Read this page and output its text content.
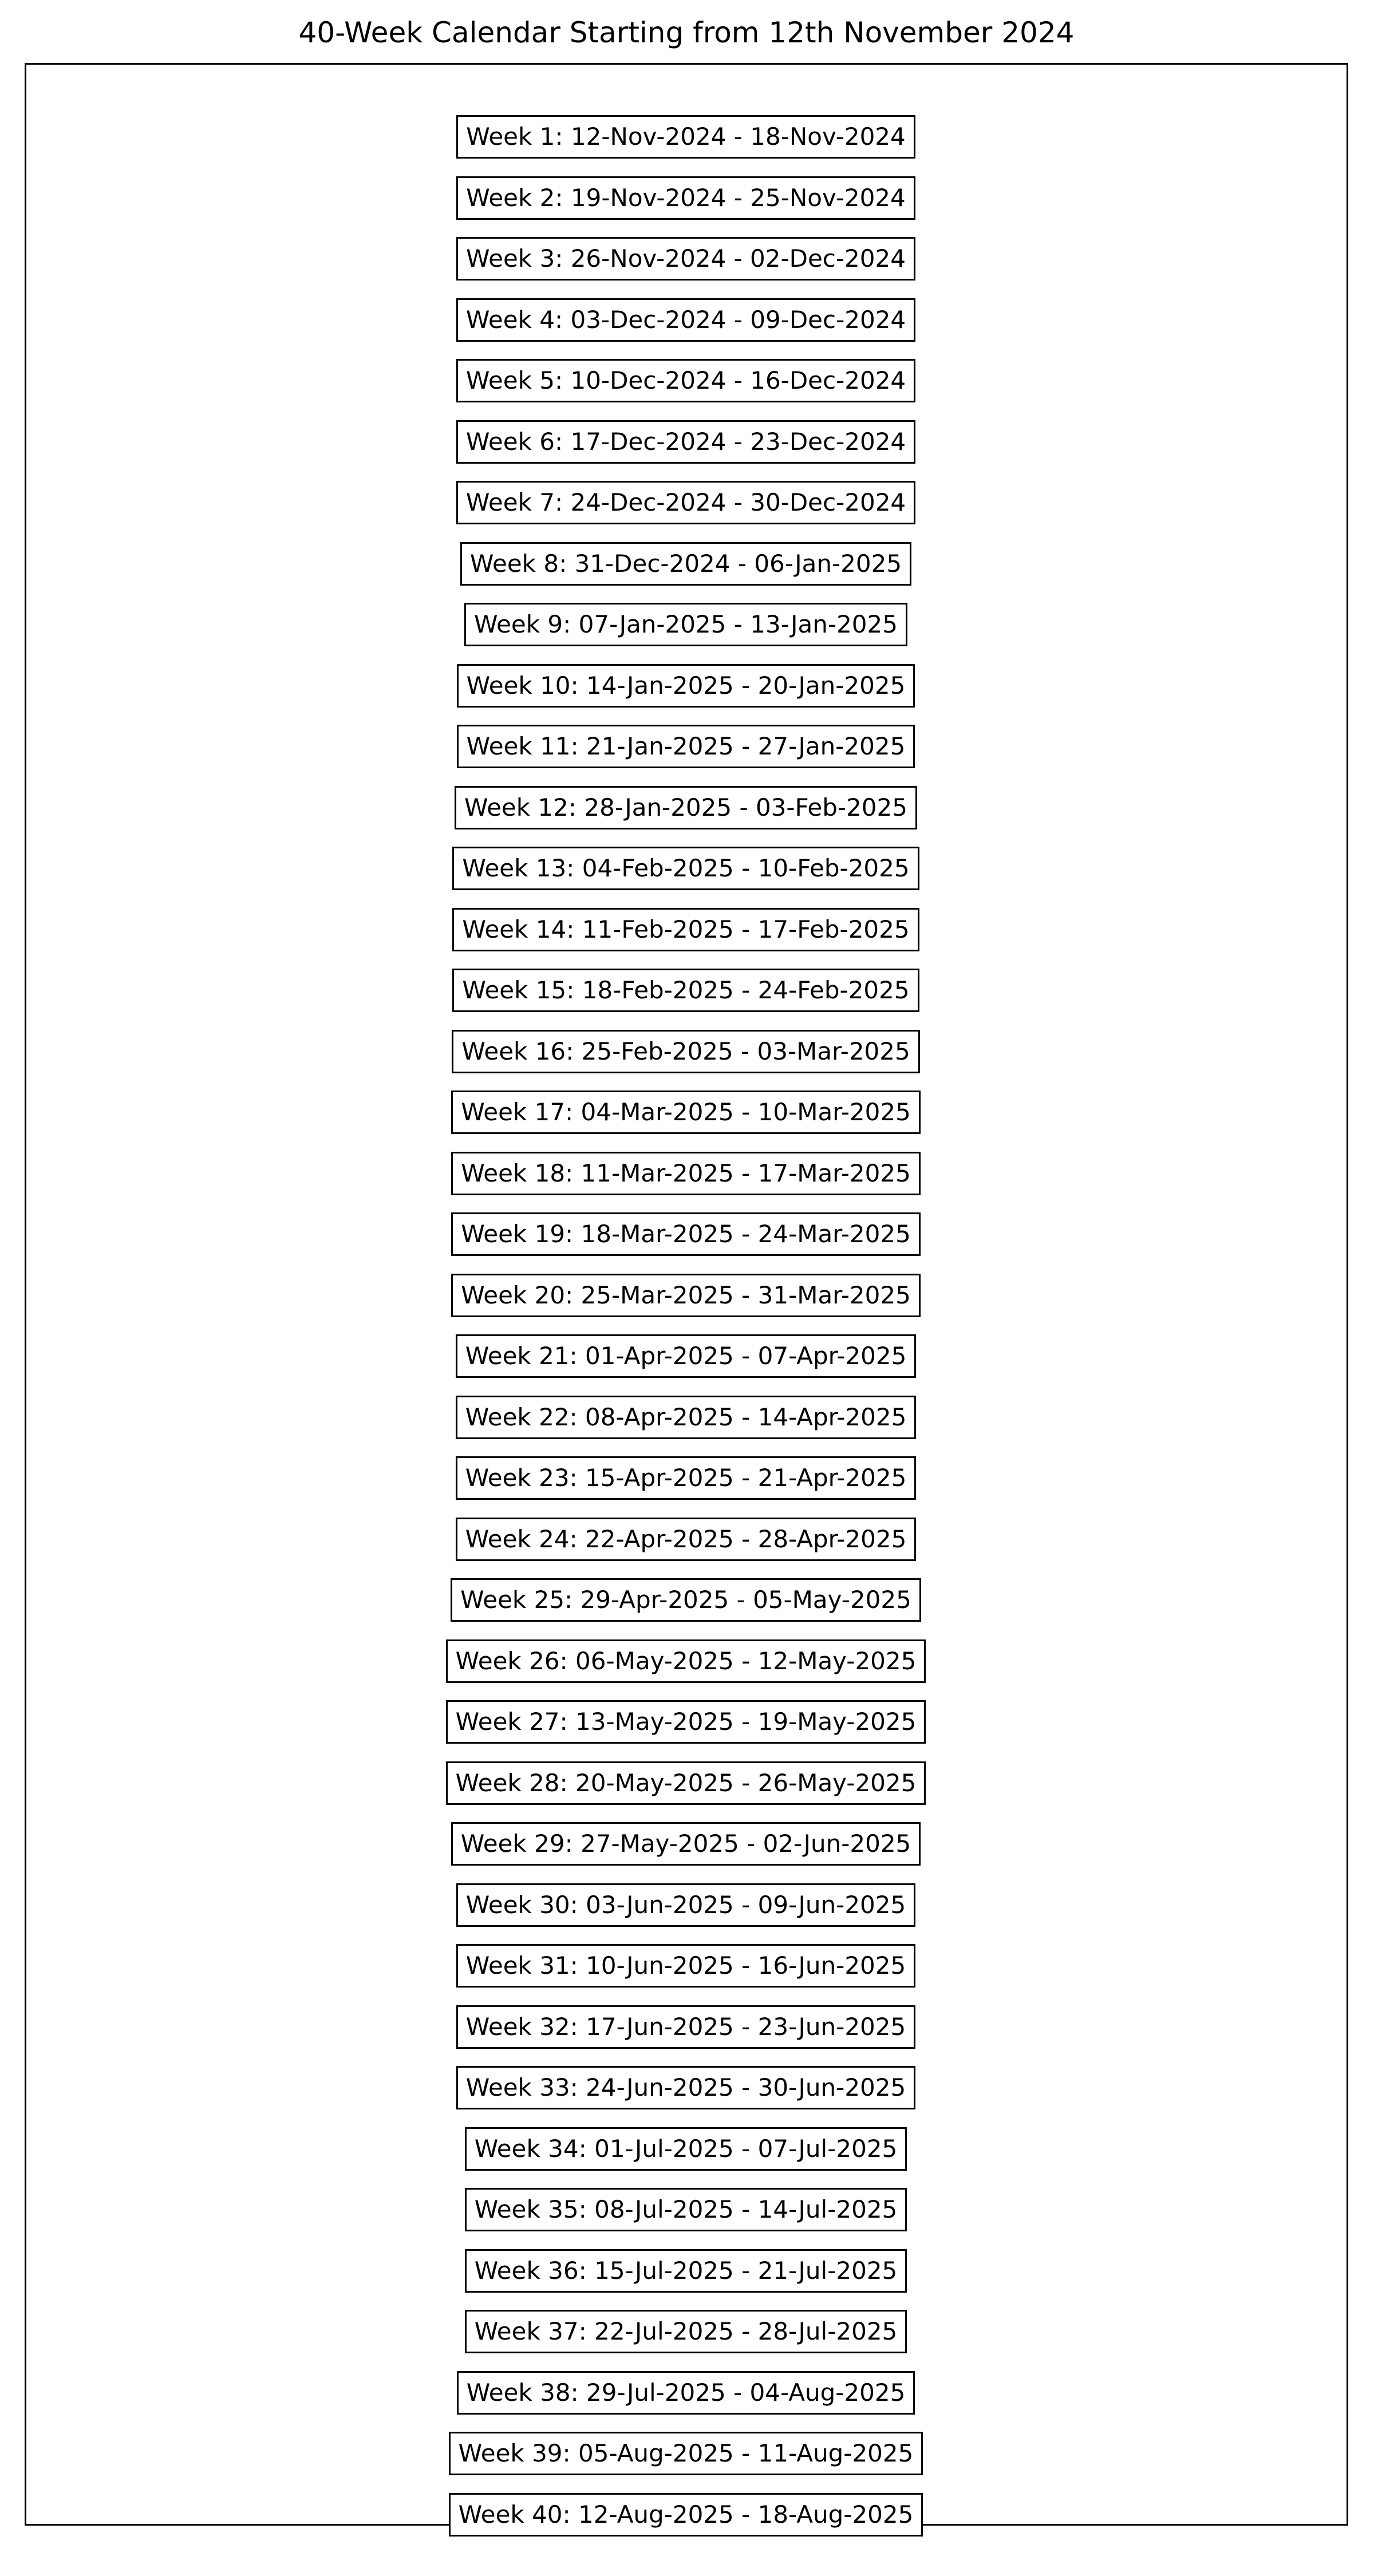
40-Week Calendar Starting from 12th November 2024
Week 1: 12-Nov-2024 - 18-Nov-2024
Week 2: 19-Nov-2024 - 25-Nov-2024
Week 3: 26-Nov-2024 - 02-Dec-2024
Week 4: 03-Dec-2024 - 09-Dec-2024
Week 5: 10-Dec-2024 - 16-Dec-2024
Week 6: 17-Dec-2024 - 23-Dec-2024
Week 7: 24-Dec-2024 - 30-Dec-2024
Week 8: 31-Dec-2024 - 06-Jan-2025
Week 9: 07-Jan-2025 - 13-Jan-2025
Week 10: 14-Jan-2025 - 20-Jan-2025
Week 11: 21-Jan-2025 - 27-Jan-2025
Week 12: 28-Jan-2025 - 03-Feb-2025
Week 13: 04-Feb-2025 - 10-Feb-2025
Week 14: 11-Feb-2025 - 17-Feb-2025
Week 15: 18-Feb-2025 - 24-Feb-2025
Week 16: 25-Feb-2025 - 03-Mar-2025
Week 17: 04-Mar-2025 - 10-Mar-2025
Week 18: 11-Mar-2025 - 17-Mar-2025
Week 19: 18-Mar-2025 - 24-Mar-2025
Week 20: 25-Mar-2025 - 31-Mar-2025
Week 21: 01-Apr-2025 - 07-Apr-2025
Week 22: 08-Apr-2025 - 14-Apr-2025
Week 23: 15-Apr-2025 - 21-Apr-2025
Week 24: 22-Apr-2025 - 28-Apr-2025
Week 25: 29-Apr-2025 - 05-May-2025
Week 26: 06-May-2025 - 12-May-2025
Week 27: 13-May-2025 - 19-May-2025
Week 28: 20-May-2025 - 26-May-2025
Week 29: 27-May-2025 - 02-Jun-2025
Week 30: 03-Jun-2025 - 09-Jun-2025
Week 31: 10-Jun-2025 - 16-Jun-2025
Week 32: 17-Jun-2025 - 23-Jun-2025
Week 33: 24-Jun-2025 - 30-Jun-2025
Week 34: 01-Jul-2025 - 07-Jul-2025
Week 35: 08-Jul-2025 - 14-Jul-2025
Week 36: 15-Jul-2025 - 21-Jul-2025
Week 37: 22-Jul-2025 - 28-Jul-2025
Week 38: 29-Jul-2025 - 04-Aug-2025
Week 39: 05-Aug-2025 - 11-Aug-2025
Week 40: 12-Aug-2025 - 18-Aug-2025
